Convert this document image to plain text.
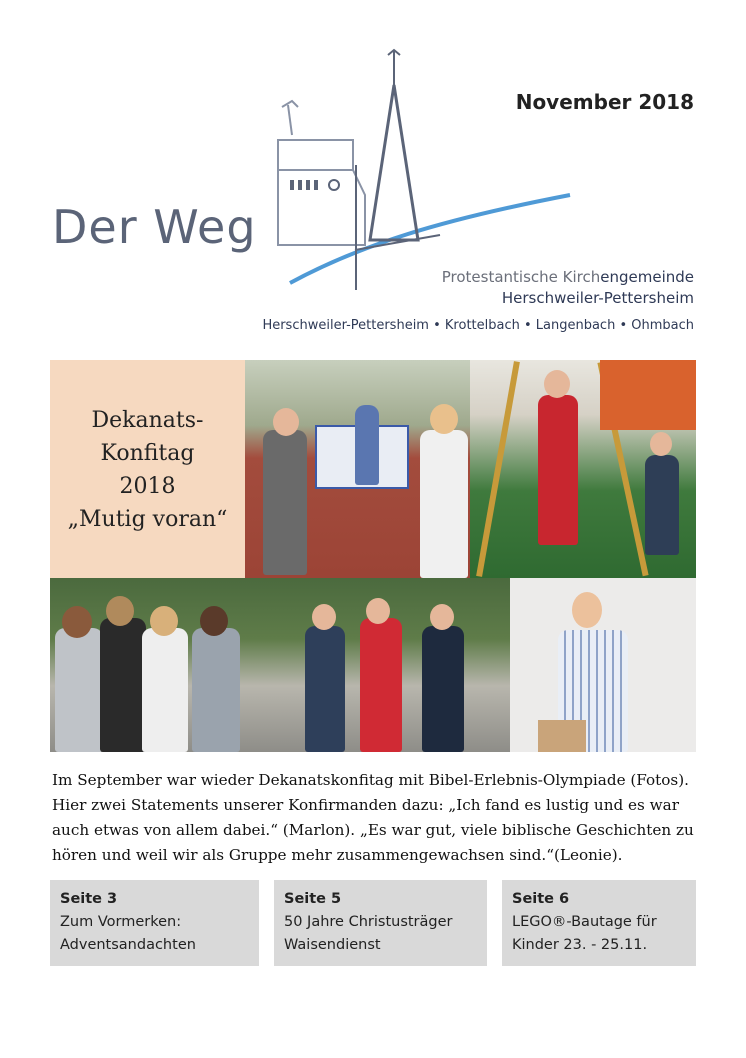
November 2018
Der Weg
Protestantische Kirchengemeinde
Herschweiler-Pettersheim
Herschweiler-Pettersheim • Krottelbach • Langenbach • Ohmbach
Dekanats-
Konfitag
2018
„Mutig voran“
Im September war wieder Dekanatskonfitag mit Bibel-Erlebnis-Olympiade (Fotos). Hier zwei Statements unserer Konfirmanden dazu: „Ich fand es lustig und es war auch etwas von allem dabei.“ (Marlon). „Es war gut, viele biblische Geschichten zu hören und weil wir als Gruppe mehr zusammengewachsen sind.“(Leonie).
Seite 3
Zum Vormerken:
Adventsandachten
Seite 5
50 Jahre Christusträger
Waisendienst
Seite 6
LEGO®-Bautage für
Kinder 23. - 25.11.
